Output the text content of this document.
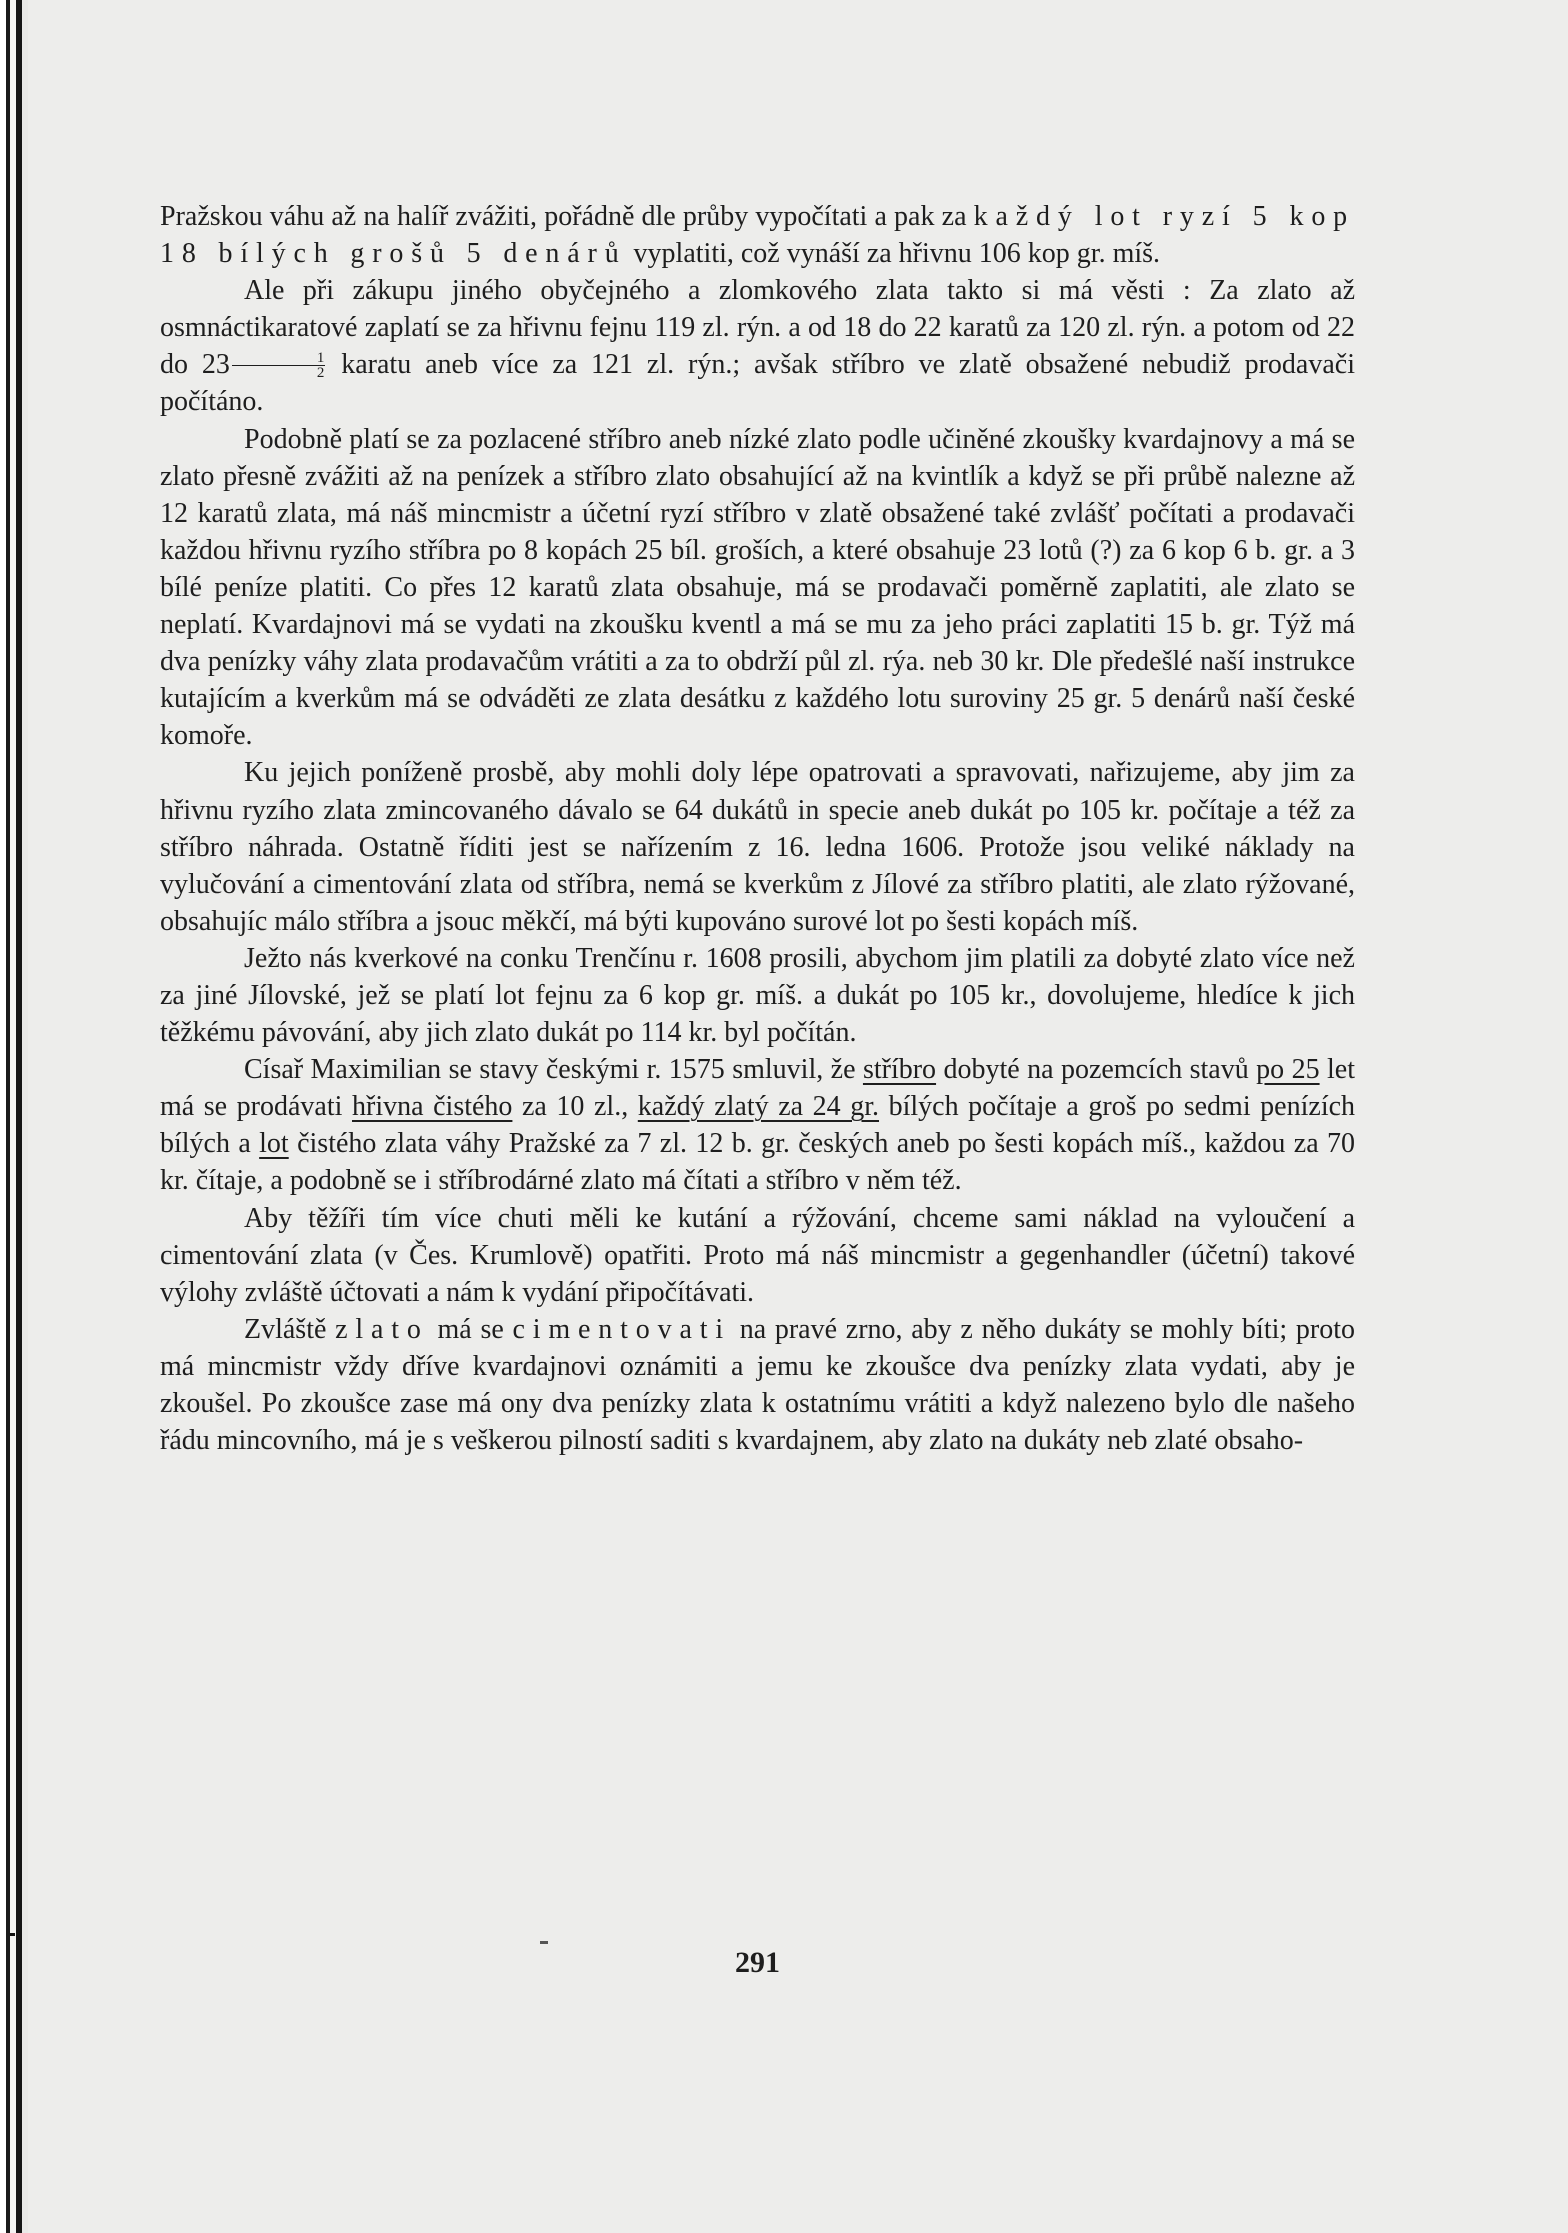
Pražskou váhu až na halíř zvážiti, pořádně dle průby vypočítati a pak za každý lot ryzí 5 kop 18 bílých grošů 5 denárů vyplatiti, což vynáší za hřivnu 106 kop gr. míš.

Ale při zákupu jiného obyčejného a zlomkového zlata takto si má věsti : Za zlato až osmnáctikaratové zaplatí se za hřivnu fejnu 119 zl. rýn. a od 18 do 22 karatů za 120 zl. rýn. a potom od 22 do $23 \frac{1}{2}$ karatu aneb více za 121 zl. rýn.; avšak stříbro ve zlatě obsažené nebudiž prodavači počítáno.

Podobně platí se za pozlacené stříbro aneb nízké zlato podle učiněné zkoušky kvardajnovy a má se zlato přesně zvážiti až na penízek a stříbro zlato obsahující až na kvintlík a když se při průbě nalezne až 12 karatů zlata, má náš mincmistr a účetní ryzí stříbro v zlatě obsažené také zvlášť počítati a prodavači každou hřivnu ryzího stříbra po 8 kopách 25 bíl. groších, a které obsahuje 23 lotů (?) za 6 kop 6 b. gr. a 3 bílé peníze platiti. Co přes 12 karatů zlata obsahuje, má se prodavači poměrně zaplatiti, ale zlato se neplatí. Kvardajnovi má se vydati na zkoušku kventl a má se mu za jeho práci zaplatiti 15 b. gr. Týž má dva penízky váhy zlata prodavačům vrátiti a za to obdrží půl zl. rýa. neb 30 kr. Dle předešlé naší instrukce kutajícím a kverkům má se odváděti ze zlata desátku z každého lotu suroviny 25 gr. 5 denárů naší české komoře.

Ku jejich poníženě prosbě, aby mohli doly lépe opatrovati a spravovati, nařizujeme, aby jim za hřivnu ryzího zlata zmincovaného dávalo se 64 dukátů in specie aneb dukát po 105 kr. počítaje a též za stříbro náhrada. Ostatně říditi jest se nařízením z 16. ledna 1606. Protože jsou veliké náklady na vylučování a cimentování zlata od stříbra, nemá se kverkům z Jílové za stříbro platiti, ale zlato rýžované, obsahujíc málo stříbra a jsouc měkčí, má býti kupováno surové lot po šesti kopách míš.

Ježto nás kverkové na conku Trenčínu r. 1608 prosili, abychom jim platili za dobyté zlato více než za jiné Jílovské, jež se platí lot fejnu za 6 kop gr. míš. a dukát po 105 kr., dovolujeme, hledíce k jich těžkému pávování, aby jich zlato dukát po 114 kr. byl počítán.

Císař Maximilian se stavy českými r. 1575 smluvil, že stříbro dobyté na pozemcích stavů po 25 let má se prodávati hřivna čistého za 10 zl., každý zlatý za 24 gr. bílých počítaje a groš po sedmi penízích bílých a lot čistého zlata váhy Pražské za 7 zl. 12 b. gr. českých aneb po šesti kopách míš., každou za 70 kr. čítaje, a podobně se i stříbrodárné zlato má čítati a stříbro v něm též.

Aby těžíři tím více chuti měli ke kutání a rýžování, chceme sami náklad na vyloučení a cimentování zlata (v Čes. Krumlově) opatřiti. Proto má náš mincmistr a gegenhandler (účetní) takové výlohy zvláště účtovati a nám k vydání připočítávati.

Zvláště zlato má se cimentovati na pravé zrno, aby z něho dukáty se mohly bíti; proto má mincmistr vždy dříve kvardajnovi oznámiti a jemu ke zkoušce dva penízky zlata vydati, aby je zkoušel. Po zkoušce zase má ony dva penízky zlata k ostatnímu vrátiti a když nalezeno bylo dle našeho řádu mincovního, má je s veškerou pilností saditi s kvardajnem, aby zlato na dukáty neb zlaté obsaho-

291
